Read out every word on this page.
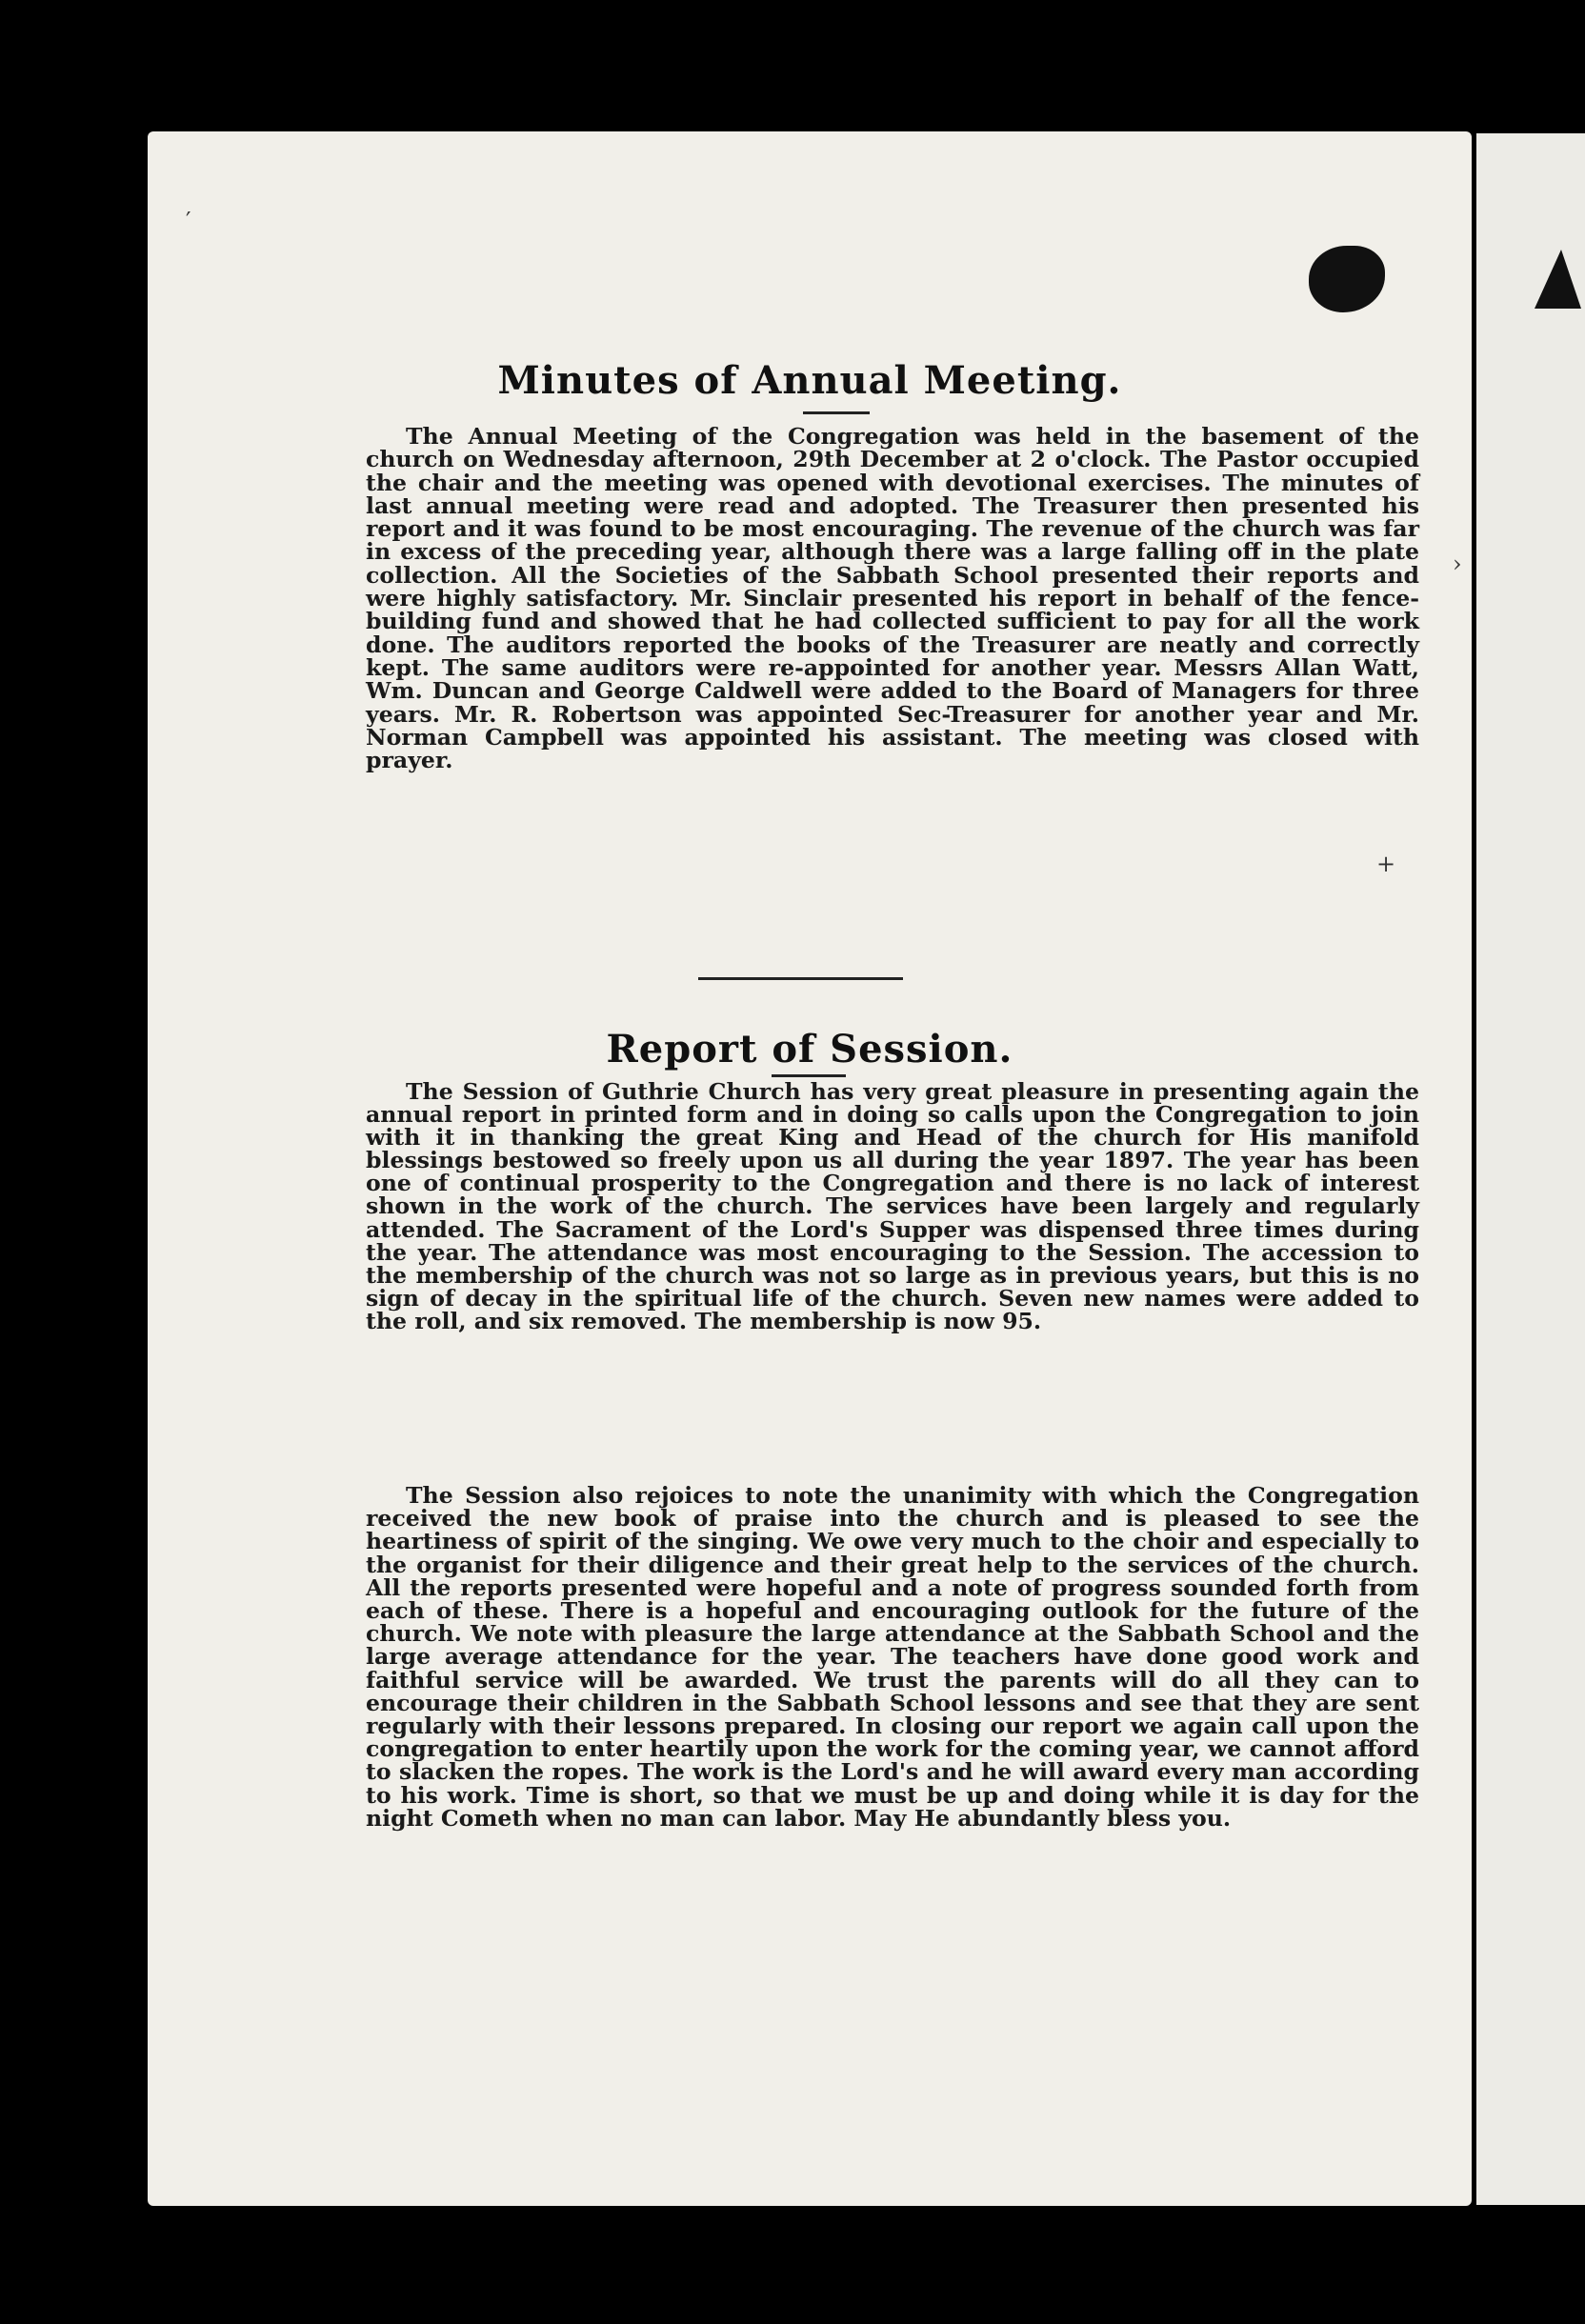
Minutes of Annual Meeting.

The Annual Meeting of the Congregation was held in the basement of the church on Wednesday afternoon, 29th December at 2 o'clock. The Pastor occupied the chair and the meeting was opened with devotional exercises. The minutes of last annual meeting were read and adopted. The Treasurer then presented his report and it was found to be most encouraging. The revenue of the church was far in excess of the preceding year, although there was a large falling off in the plate collection. All the Societies of the Sabbath School presented their reports and were highly satisfactory. Mr. Sinclair presented his report in behalf of the fence-building fund and showed that he had collected sufficient to pay for all the work done. The auditors reported the books of the Treasurer are neatly and correctly kept. The same auditors were re-appointed for another year. Messrs Allan Watt, Wm. Duncan and George Caldwell were added to the Board of Managers for three years. Mr. R. Robertson was appointed Sec-Treasurer for another year and Mr. Norman Campbell was appointed his assistant. The meeting was closed with prayer.

Report of Session.

The Session of Guthrie Church has very great pleasure in presenting again the annual report in printed form and in doing so calls upon the Congregation to join with it in thanking the great King and Head of the church for His manifold blessings bestowed so freely upon us all during the year 1897. The year has been one of continual prosperity to the Congregation and there is no lack of interest shown in the work of the church. The services have been largely and regularly attended. The Sacrament of the Lord's Supper was dispensed three times during the year. The attendance was most encouraging to the Session. The accession to the membership of the church was not so large as in previous years, but this is no sign of decay in the spiritual life of the church. Seven new names were added to the roll, and six removed. The membership is now 95.

The Session also rejoices to note the unanimity with which the Congregation received the new book of praise into the church and is pleased to see the heartiness of spirit of the singing. We owe very much to the choir and especially to the organist for their diligence and their great help to the services of the church. All the reports presented were hopeful and a note of progress sounded forth from each of these. There is a hopeful and encouraging outlook for the future of the church. We note with pleasure the large attendance at the Sabbath School and the large average attendance for the year. The teachers have done good work and faithful service will be awarded. We trust the parents will do all they can to encourage their children in the Sabbath School lessons and see that they are sent regularly with their lessons prepared. In closing our report we again call upon the congregation to enter heartily upon the work for the coming year, we cannot afford to slacken the ropes. The work is the Lord's and he will award every man according to his work. Time is short, so that we must be up and doing while it is day for the night Cometh when no man can labor. May He abundantly bless you.

′
›
+
